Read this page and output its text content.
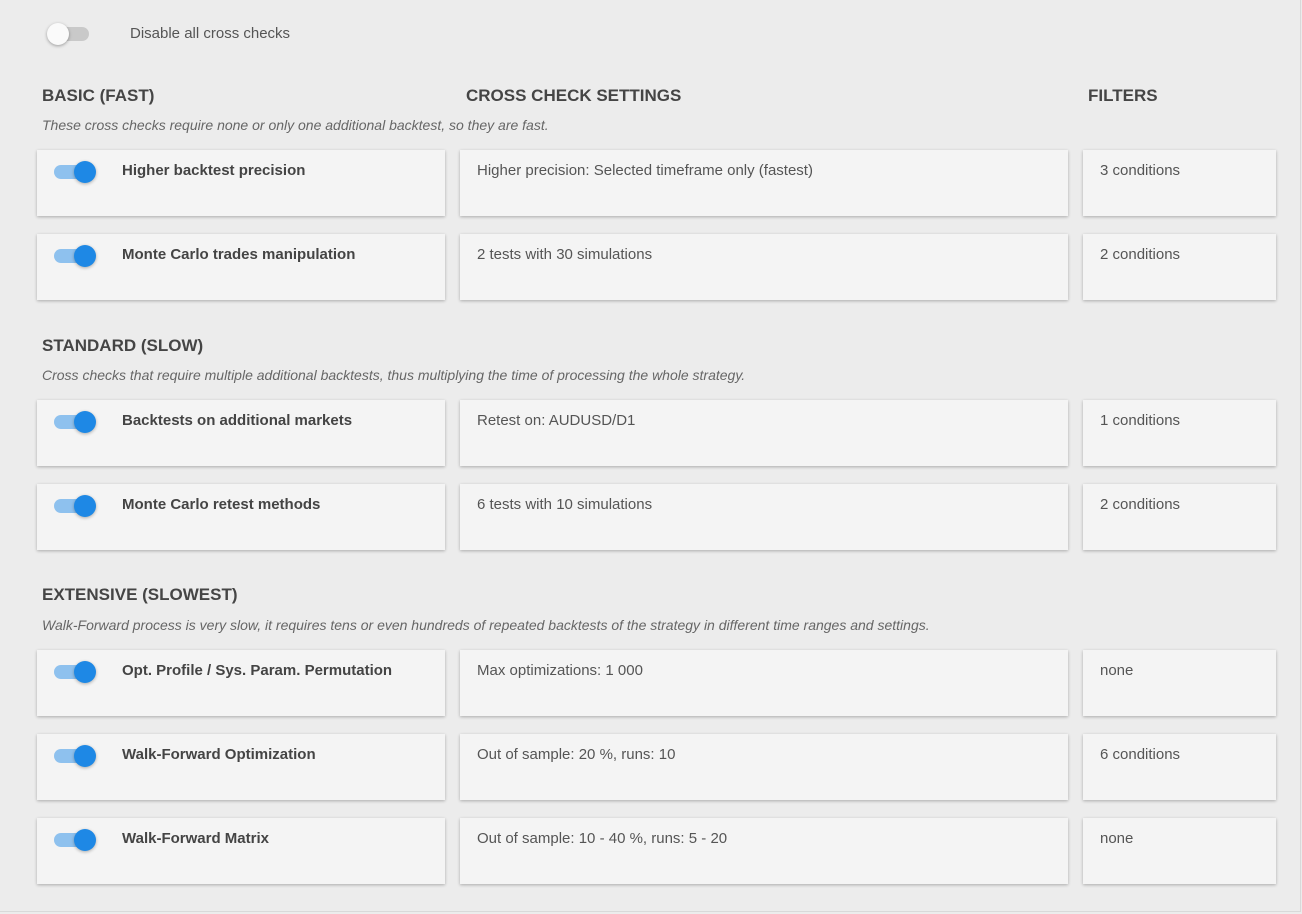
Disable all cross checks
BASIC (FAST)	CROSS CHECK SETTINGS	FILTERS
These cross checks require none or only one additional backtest, so they are fast.
Higher backtest precision	Higher precision: Selected timeframe only (fastest)	3 conditions
Monte Carlo trades manipulation	2 tests with 30 simulations	2 conditions
STANDARD (SLOW)
Cross checks that require multiple additional backtests, thus multiplying the time of processing the whole strategy.
Backtests on additional markets	Retest on: AUDUSD/D1	1 conditions
Monte Carlo retest methods	6 tests with 10 simulations	2 conditions
EXTENSIVE (SLOWEST)
Walk-Forward process is very slow, it requires tens or even hundreds of repeated backtests of the strategy in different time ranges and settings.
Opt. Profile / Sys. Param. Permutation	Max optimizations: 1 000	none
Walk-Forward Optimization	Out of sample: 20 %, runs: 10	6 conditions
Walk-Forward Matrix	Out of sample: 10 - 40 %, runs: 5 - 20	none
